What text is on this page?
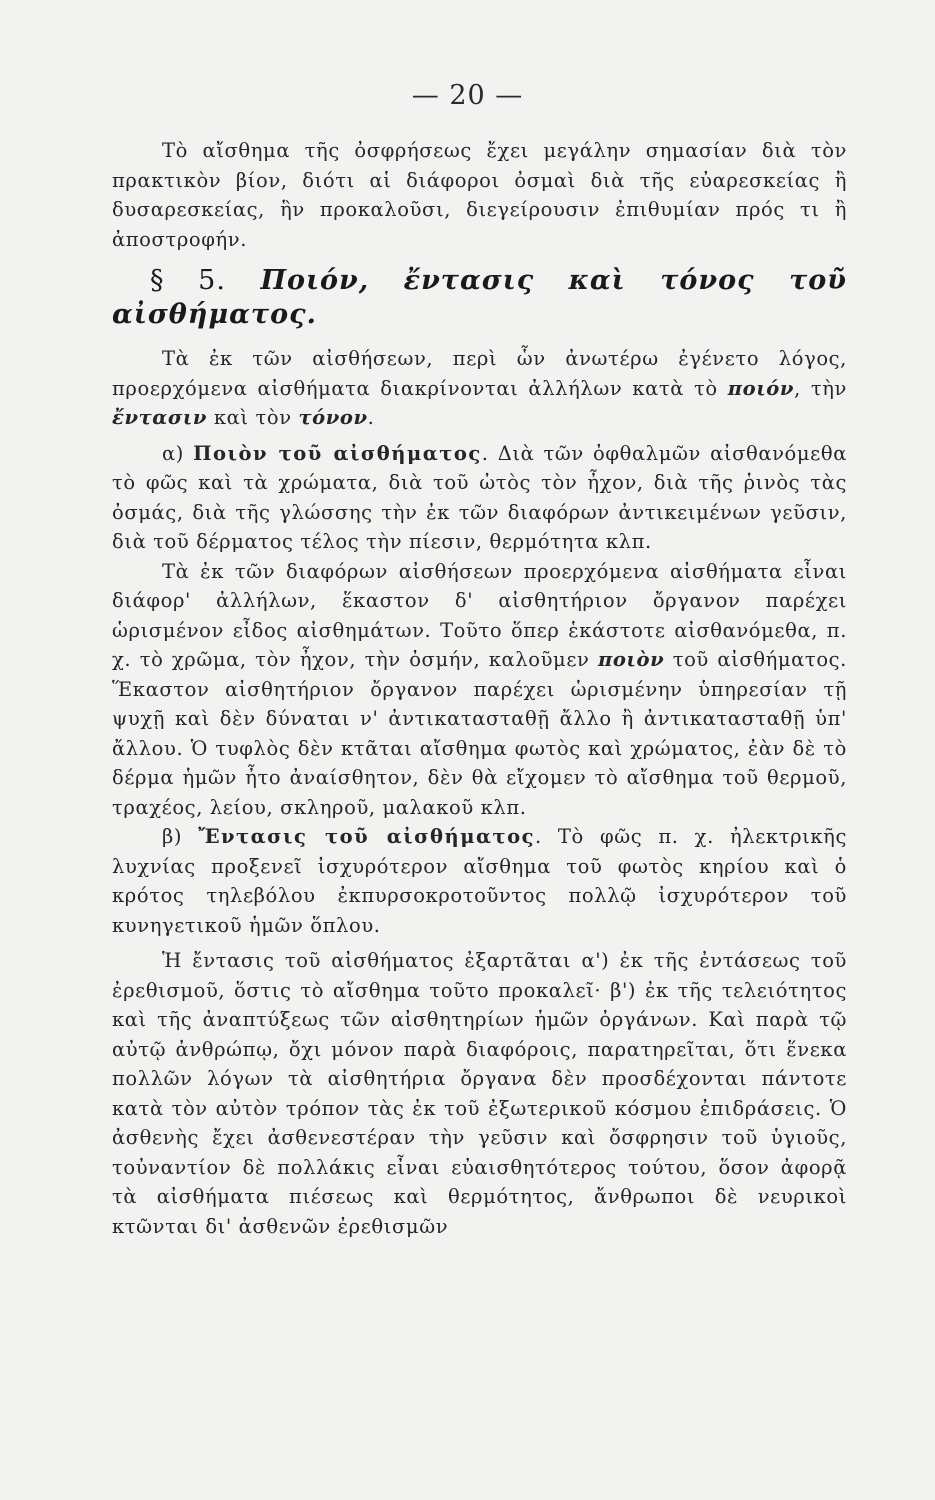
— 20 —

Τὸ αἴσθημα τῆς ὀσφρήσεως ἔχει μεγάλην σημασίαν διὰ τὸν πρακτικὸν βίον, διότι αἱ διάφοροι ὀσμαὶ διὰ τῆς εὐαρεσκείας ἢ δυσαρεσκείας, ἣν προκαλοῦσι, διεγείρουσιν ἐπιθυμίαν πρός τι ἢ ἀποστροφήν.

§ 5. Ποιόν, ἔντασις καὶ τόνος τοῦ αἰσθήματος.

Τὰ ἐκ τῶν αἰσθήσεων, περὶ ὧν ἀνωτέρω ἐγένετο λόγος, προερχόμενα αἰσθήματα διακρίνονται ἀλλήλων κατὰ τὸ ποιόν, τὴν ἔντασιν καὶ τὸν τόνον.

α) Ποιὸν τοῦ αἰσθήματος. Διὰ τῶν ὀφθαλμῶν αἰσθανόμεθα τὸ φῶς καὶ τὰ χρώματα, διὰ τοῦ ὠτὸς τὸν ἦχον, διὰ τῆς ῥινὸς τὰς ὀσμάς, διὰ τῆς γλώσσης τὴν ἐκ τῶν διαφόρων ἀντικειμένων γεῦσιν, διὰ τοῦ δέρματος τέλος τὴν πίεσιν, θερμότητα κλπ.

Τὰ ἐκ τῶν διαφόρων αἰσθήσεων προερχόμενα αἰσθήματα εἶναι διάφορ' ἀλλήλων, ἕκαστον δ' αἰσθητήριον ὄργανον παρέχει ὡρισμένον εἶδος αἰσθημάτων. Τοῦτο ὅπερ ἑκάστοτε αἰσθανόμεθα, π. χ. τὸ χρῶμα, τὸν ἦχον, τὴν ὀσμήν, καλοῦμεν ποιὸν τοῦ αἰσθήματος. Ἕκαστον αἰσθητήριον ὄργανον παρέχει ὡρισμένην ὑπηρεσίαν τῇ ψυχῇ καὶ δὲν δύναται ν' ἀντικατασταθῇ ἄλλο ἢ ἀντικατασταθῇ ὑπ' ἄλλου. Ὁ τυφλὸς δὲν κτᾶται αἴσθημα φωτὸς καὶ χρώματος, ἐὰν δὲ τὸ δέρμα ἡμῶν ἦτο ἀναίσθητον, δὲν θὰ εἴχομεν τὸ αἴσθημα τοῦ θερμοῦ, τραχέος, λείου, σκληροῦ, μαλακοῦ κλπ.

β) Ἔντασις τοῦ αἰσθήματος. Τὸ φῶς π. χ. ἠλεκτρικῆς λυχνίας προξενεῖ ἰσχυρότερον αἴσθημα τοῦ φωτὸς κηρίου καὶ ὁ κρότος τηλεβόλου ἐκπυρσοκροτοῦντος πολλῷ ἰσχυρότερον τοῦ κυνηγετικοῦ ἡμῶν ὅπλου.

Ἡ ἔντασις τοῦ αἰσθήματος ἐξαρτᾶται α') ἐκ τῆς ἐντάσεως τοῦ ἐρεθισμοῦ, ὅστις τὸ αἴσθημα τοῦτο προκαλεῖ· β') ἐκ τῆς τελειότητος καὶ τῆς ἀναπτύξεως τῶν αἰσθητηρίων ἡμῶν ὀργάνων. Καὶ παρὰ τῷ αὐτῷ ἀνθρώπῳ, ὄχι μόνον παρὰ διαφόροις, παρατηρεῖται, ὅτι ἕνεκα πολλῶν λόγων τὰ αἰσθητήρια ὄργανα δὲν προσδέχονται πάντοτε κατὰ τὸν αὐτὸν τρόπον τὰς ἐκ τοῦ ἐξωτερικοῦ κόσμου ἐπιδράσεις. Ὁ ἀσθενὴς ἔχει ἀσθενεστέραν τὴν γεῦσιν καὶ ὄσφρησιν τοῦ ὑγιοῦς, τοὐναντίον δὲ πολλάκις εἶναι εὐαισθητότερος τούτου, ὅσον ἀφορᾷ τὰ αἰσθήματα πιέσεως καὶ θερμότητος, ἄνθρωποι δὲ νευρικοὶ κτῶνται δι' ἀσθενῶν ἐρεθισμῶν
